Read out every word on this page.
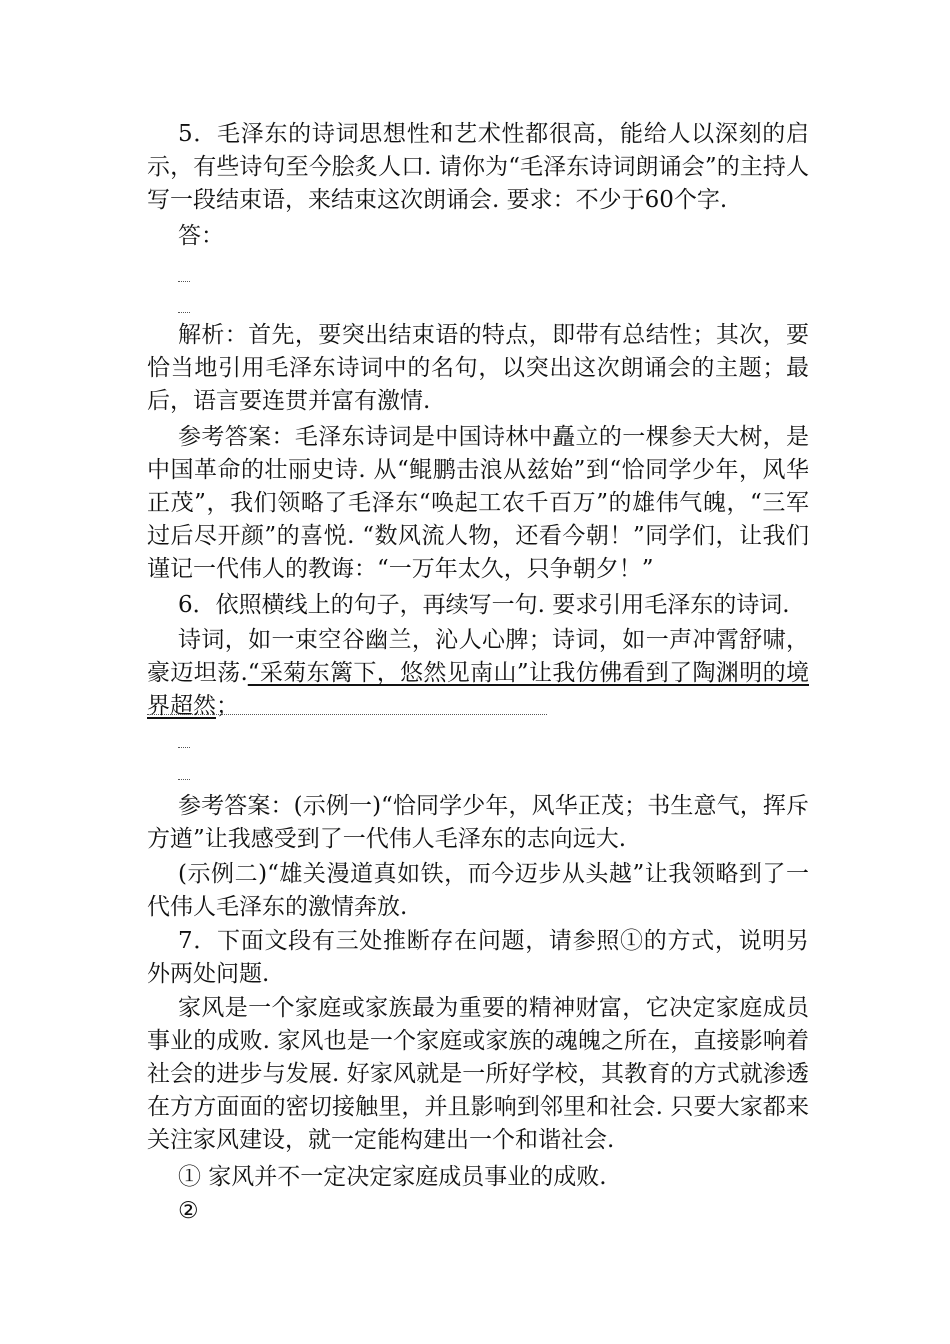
5．毛泽东的诗词思想性和艺术性都很高，能给人以深刻的启示，有些诗句至今脍炙人口. 请你为“毛泽东诗词朗诵会”的主持人写一段结束语，来结束这次朗诵会. 要求：不少于60个字.

答：

解析：首先，要突出结束语的特点，即带有总结性；其次，要恰当地引用毛泽东诗词中的名句，以突出这次朗诵会的主题；最后，语言要连贯并富有激情.

参考答案：毛泽东诗词是中国诗林中矗立的一棵参天大树，是中国革命的壮丽史诗. 从“鲲鹏击浪从兹始”到“恰同学少年，风华正茂”，我们领略了毛泽东“唤起工农千百万”的雄伟气魄，“三军过后尽开颜”的喜悦. “数风流人物，还看今朝！”同学们，让我们谨记一代伟人的教诲：“一万年太久，只争朝夕！”

6．依照横线上的句子，再续写一句. 要求引用毛泽东的诗词.

诗词，如一束空谷幽兰，沁人心脾；诗词，如一声冲霄舒啸，豪迈坦荡.“采菊东篱下，悠然见南山”让我仿佛看到了陶渊明的境界超然；

参考答案：(示例一)“恰同学少年，风华正茂；书生意气，挥斥方遒”让我感受到了一代伟人毛泽东的志向远大.

(示例二)“雄关漫道真如铁，而今迈步从头越”让我领略到了一代伟人毛泽东的激情奔放.

7．下面文段有三处推断存在问题，请参照①的方式，说明另外两处问题.

家风是一个家庭或家族最为重要的精神财富，它决定家庭成员事业的成败. 家风也是一个家庭或家族的魂魄之所在，直接影响着社会的进步与发展. 好家风就是一所好学校，其教育的方式就渗透在方方面面的密切接触里，并且影响到邻里和社会. 只要大家都来关注家风建设，就一定能构建出一个和谐社会.

① 家风并不一定决定家庭成员事业的成败.

②
